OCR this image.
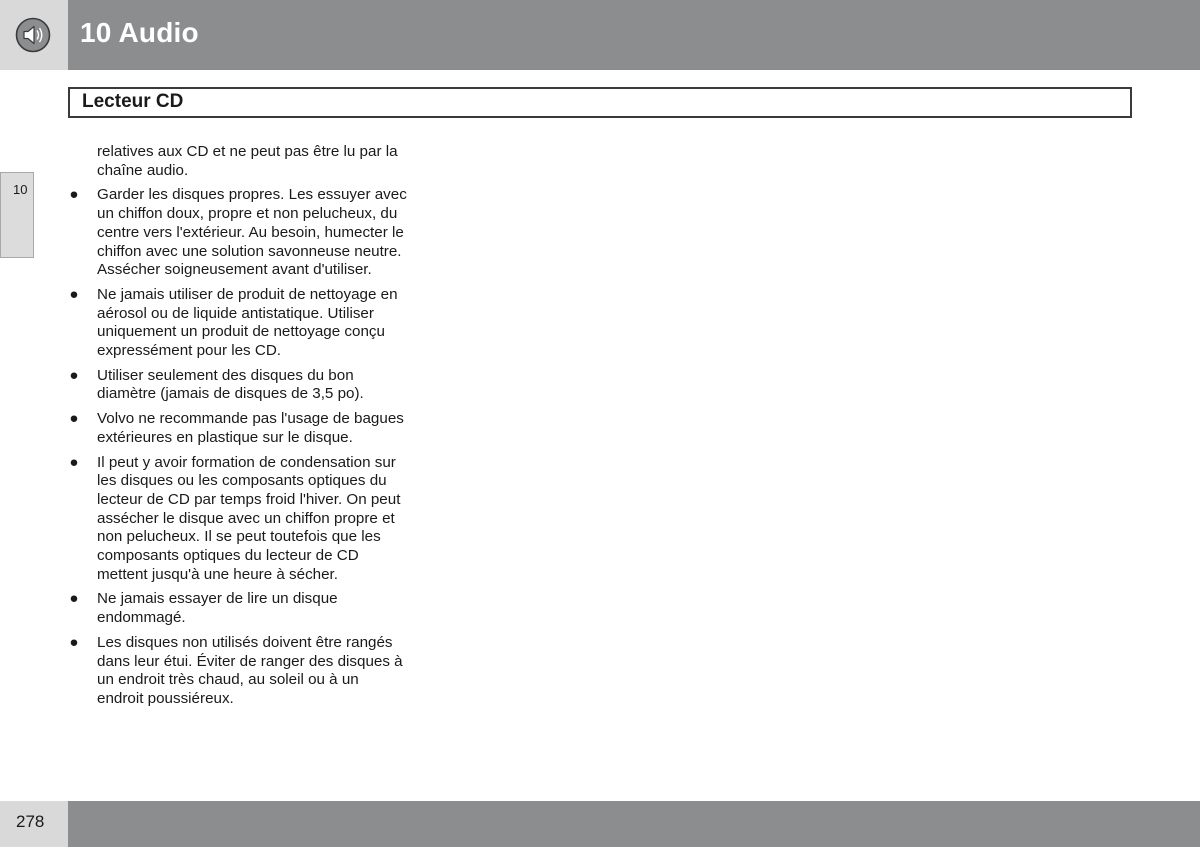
10 Audio
Lecteur CD
10

relatives aux CD et ne peut pas être lu par la chaîne audio.

● Garder les disques propres. Les essuyer avec un chiffon doux, propre et non pelucheux, du centre vers l'extérieur. Au besoin, humecter le chiffon avec une solution savonneuse neutre. Assécher soigneusement avant d'utiliser.
● Ne jamais utiliser de produit de nettoyage en aérosol ou de liquide antistatique. Utiliser uniquement un produit de nettoyage conçu expressément pour les CD.
● Utiliser seulement des disques du bon diamètre (jamais de disques de 3,5 po).
● Volvo ne recommande pas l'usage de bagues extérieures en plastique sur le disque.
● Il peut y avoir formation de condensation sur les disques ou les composants optiques du lecteur de CD par temps froid l'hiver. On peut assécher le disque avec un chiffon propre et non pelucheux. Il se peut toutefois que les composants optiques du lecteur de CD mettent jusqu'à une heure à sécher.
● Ne jamais essayer de lire un disque endommagé.
● Les disques non utilisés doivent être rangés dans leur étui. Éviter de ranger des disques à un endroit très chaud, au soleil ou à un endroit poussiéreux.
278
